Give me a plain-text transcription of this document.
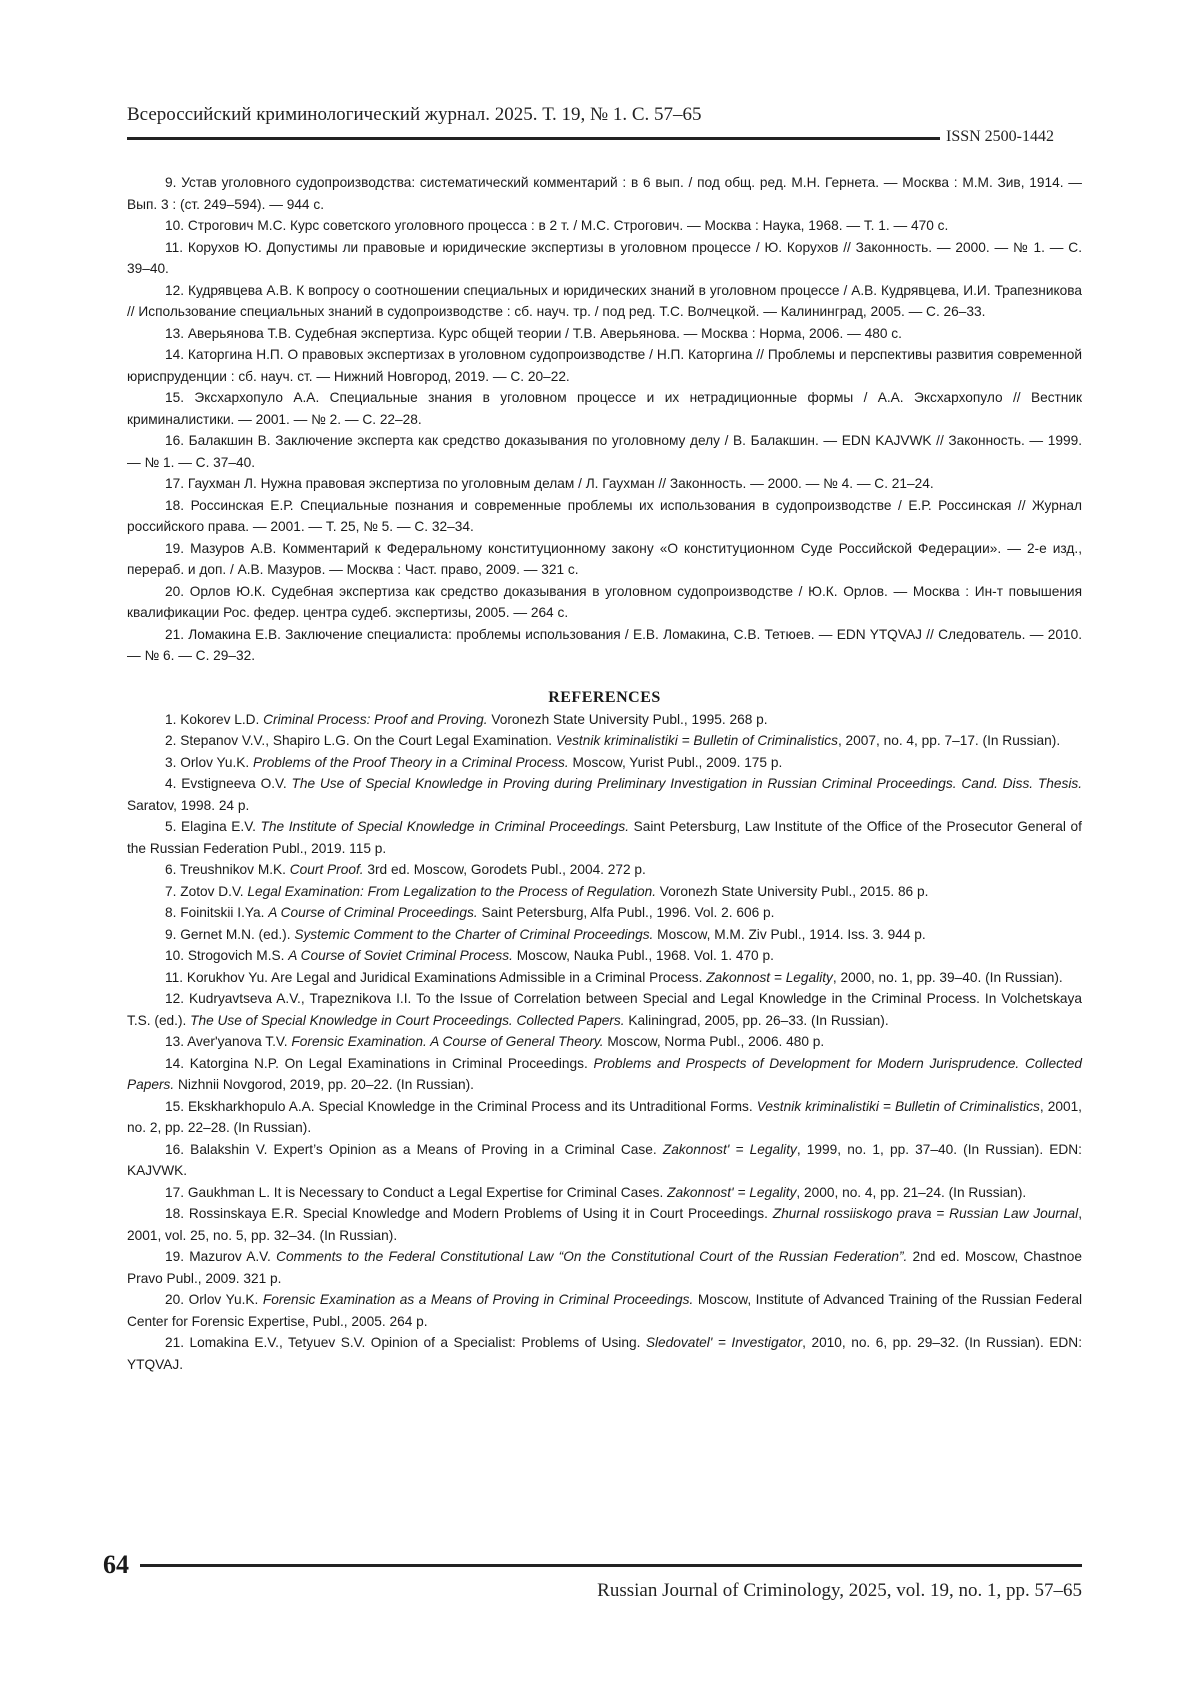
Всероссийский криминологический журнал. 2025. Т. 19, № 1. С. 57–65
ISSN 2500-1442
9. Устав уголовного судопроизводства: систематический комментарий : в 6 вып. / под общ. ред. М.Н. Гернета. — Москва : М.М. Зив, 1914. — Вып. 3 : (ст. 249–594). — 944 с.
10. Строгович М.С. Курс советского уголовного процесса : в 2 т. / М.С. Строгович. — Москва : Наука, 1968. — Т. 1. — 470 с.
11. Корухов Ю. Допустимы ли правовые и юридические экспертизы в уголовном процессе / Ю. Корухов // Законность. — 2000. — № 1. — С. 39–40.
12. Кудрявцева А.В. К вопросу о соотношении специальных и юридических знаний в уголовном процессе / А.В. Кудрявцева, И.И. Трапезникова // Использование специальных знаний в судопроизводстве : сб. науч. тр. / под ред. Т.С. Волчецкой. — Калининград, 2005. — С. 26–33.
13. Аверьянова Т.В. Судебная экспертиза. Курс общей теории / Т.В. Аверьянова. — Москва : Норма, 2006. — 480 с.
14. Каторгина Н.П. О правовых экспертизах в уголовном судопроизводстве / Н.П. Каторгина // Проблемы и перспективы развития современной юриспруденции : сб. науч. ст. — Нижний Новгород, 2019. — С. 20–22.
15. Эксхархопуло А.А. Специальные знания в уголовном процессе и их нетрадиционные формы / А.А. Эксхархопуло // Вестник криминалистики. — 2001. — № 2. — С. 22–28.
16. Балакшин В. Заключение эксперта как средство доказывания по уголовному делу / В. Балакшин. — EDN KAJVWK // Законность. — 1999. — № 1. — С. 37–40.
17. Гаухман Л. Нужна правовая экспертиза по уголовным делам / Л. Гаухман // Законность. — 2000. — № 4. — С. 21–24.
18. Россинская Е.Р. Специальные познания и современные проблемы их использования в судопроизводстве / Е.Р. Россинская // Журнал российского права. — 2001. — Т. 25, № 5. — С. 32–34.
19. Мазуров А.В. Комментарий к Федеральному конституционному закону «О конституционном Суде Российской Федерации». — 2-е изд., перераб. и доп. / А.В. Мазуров. — Москва : Част. право, 2009. — 321 с.
20. Орлов Ю.К. Судебная экспертиза как средство доказывания в уголовном судопроизводстве / Ю.К. Орлов. — Москва : Ин-т повышения квалификации Рос. федер. центра судеб. экспертизы, 2005. — 264 с.
21. Ломакина Е.В. Заключение специалиста: проблемы использования / Е.В. Ломакина, С.В. Тетюев. — EDN YTQVAJ // Следователь. — 2010. — № 6. — С. 29–32.
REFERENCES
1. Kokorev L.D. Criminal Process: Proof and Proving. Voronezh State University Publ., 1995. 268 p.
2. Stepanov V.V., Shapiro L.G. On the Court Legal Examination. Vestnik kriminalistiki = Bulletin of Criminalistics, 2007, no. 4, pp. 7–17. (In Russian).
3. Orlov Yu.K. Problems of the Proof Theory in a Criminal Process. Moscow, Yurist Publ., 2009. 175 p.
4. Evstigneeva O.V. The Use of Special Knowledge in Proving during Preliminary Investigation in Russian Criminal Proceedings. Cand. Diss. Thesis. Saratov, 1998. 24 p.
5. Elagina E.V. The Institute of Special Knowledge in Criminal Proceedings. Saint Petersburg, Law Institute of the Office of the Prosecutor General of the Russian Federation Publ., 2019. 115 p.
6. Treushnikov M.K. Court Proof. 3rd ed. Moscow, Gorodets Publ., 2004. 272 p.
7. Zotov D.V. Legal Examination: From Legalization to the Process of Regulation. Voronezh State University Publ., 2015. 86 p.
8. Foinitskii I.Ya. A Course of Criminal Proceedings. Saint Petersburg, Alfa Publ., 1996. Vol. 2. 606 p.
9. Gernet M.N. (ed.). Systemic Comment to the Charter of Criminal Proceedings. Moscow, M.M. Ziv Publ., 1914. Iss. 3. 944 p.
10. Strogovich M.S. A Course of Soviet Criminal Process. Moscow, Nauka Publ., 1968. Vol. 1. 470 p.
11. Korukhov Yu. Are Legal and Juridical Examinations Admissible in a Criminal Process. Zakonnost = Legality, 2000, no. 1, pp. 39–40. (In Russian).
12. Kudryavtseva A.V., Trapeznikova I.I. To the Issue of Correlation between Special and Legal Knowledge in the Criminal Process. In Volchetskaya T.S. (ed.). The Use of Special Knowledge in Court Proceedings. Collected Papers. Kaliningrad, 2005, pp. 26–33. (In Russian).
13. Aver'yanova T.V. Forensic Examination. A Course of General Theory. Moscow, Norma Publ., 2006. 480 p.
14. Katorgina N.P. On Legal Examinations in Criminal Proceedings. Problems and Prospects of Development for Modern Jurisprudence. Collected Papers. Nizhnii Novgorod, 2019, pp. 20–22. (In Russian).
15. Ekskharkhopulo A.A. Special Knowledge in the Criminal Process and its Untraditional Forms. Vestnik kriminalistiki = Bulletin of Criminalistics, 2001, no. 2, pp. 22–28. (In Russian).
16. Balakshin V. Expert’s Opinion as a Means of Proving in a Criminal Case. Zakonnost' = Legality, 1999, no. 1, pp. 37–40. (In Russian). EDN: KAJVWK.
17. Gaukhman L. It is Necessary to Conduct a Legal Expertise for Criminal Cases. Zakonnost' = Legality, 2000, no. 4, pp. 21–24. (In Russian).
18. Rossinskaya E.R. Special Knowledge and Modern Problems of Using it in Court Proceedings. Zhurnal rossiiskogo prava = Russian Law Journal, 2001, vol. 25, no. 5, pp. 32–34. (In Russian).
19. Mazurov A.V. Comments to the Federal Constitutional Law “On the Constitutional Court of the Russian Federation”. 2nd ed. Moscow, Chastnoe Pravo Publ., 2009. 321 p.
20. Orlov Yu.K. Forensic Examination as a Means of Proving in Criminal Proceedings. Moscow, Institute of Advanced Training of the Russian Federal Center for Forensic Expertise, Publ., 2005. 264 p.
21. Lomakina E.V., Tetyuev S.V. Opinion of a Specialist: Problems of Using. Sledovatel' = Investigator, 2010, no. 6, pp. 29–32. (In Russian). EDN: YTQVAJ.
64
Russian Journal of Criminology, 2025, vol. 19, no. 1, pp. 57–65
